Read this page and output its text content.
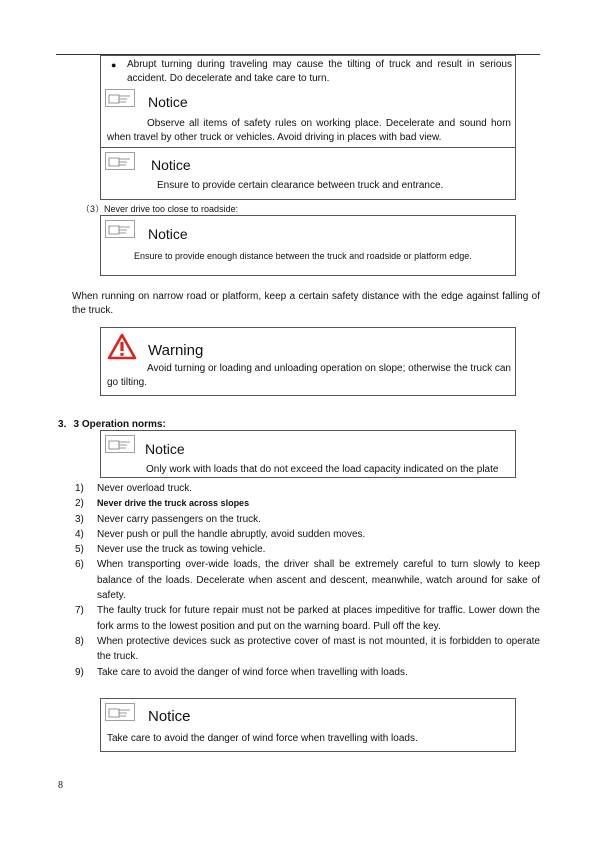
● Abrupt turning during traveling may cause the tilting of truck and result in serious accident. Do decelerate and take care to turn.
Notice
Observe all items of safety rules on working place. Decelerate and sound horn when travel by other truck or vehicles. Avoid driving in places with bad view.
Notice
Ensure to provide certain clearance between truck and entrance.
（3）Never drive too close to roadside:
Notice
Ensure to provide enough distance between the truck and roadside or platform edge.
When running on narrow road or platform, keep a certain safety distance with the edge against falling of the truck.
Warning
Avoid turning or loading and unloading operation on slope; otherwise the truck can go tilting.
3．3 Operation norms:
Notice
Only work with loads that do not exceed the load capacity indicated on the plate
1)	Never overload truck.
2)	Never drive the truck across slopes
3)	Never carry passengers on the truck.
4)	Never push or pull the handle abruptly, avoid sudden moves.
5)	Never use the truck as towing vehicle.
6)	When transporting over-wide loads, the driver shall be extremely careful to turn slowly to keep balance of the loads. Decelerate when ascent and descent, meanwhile, watch around for sake of safety.
7)	The faulty truck for future repair must not be parked at places impeditive for traffic. Lower down the fork arms to the lowest position and put on the warning board. Pull off the key.
8)	When protective devices suck as protective cover of mast is not mounted, it is forbidden to operate the truck.
9)	Take care to avoid the danger of wind force when travelling with loads.
Notice
Take care to avoid the danger of wind force when travelling with loads.
8
